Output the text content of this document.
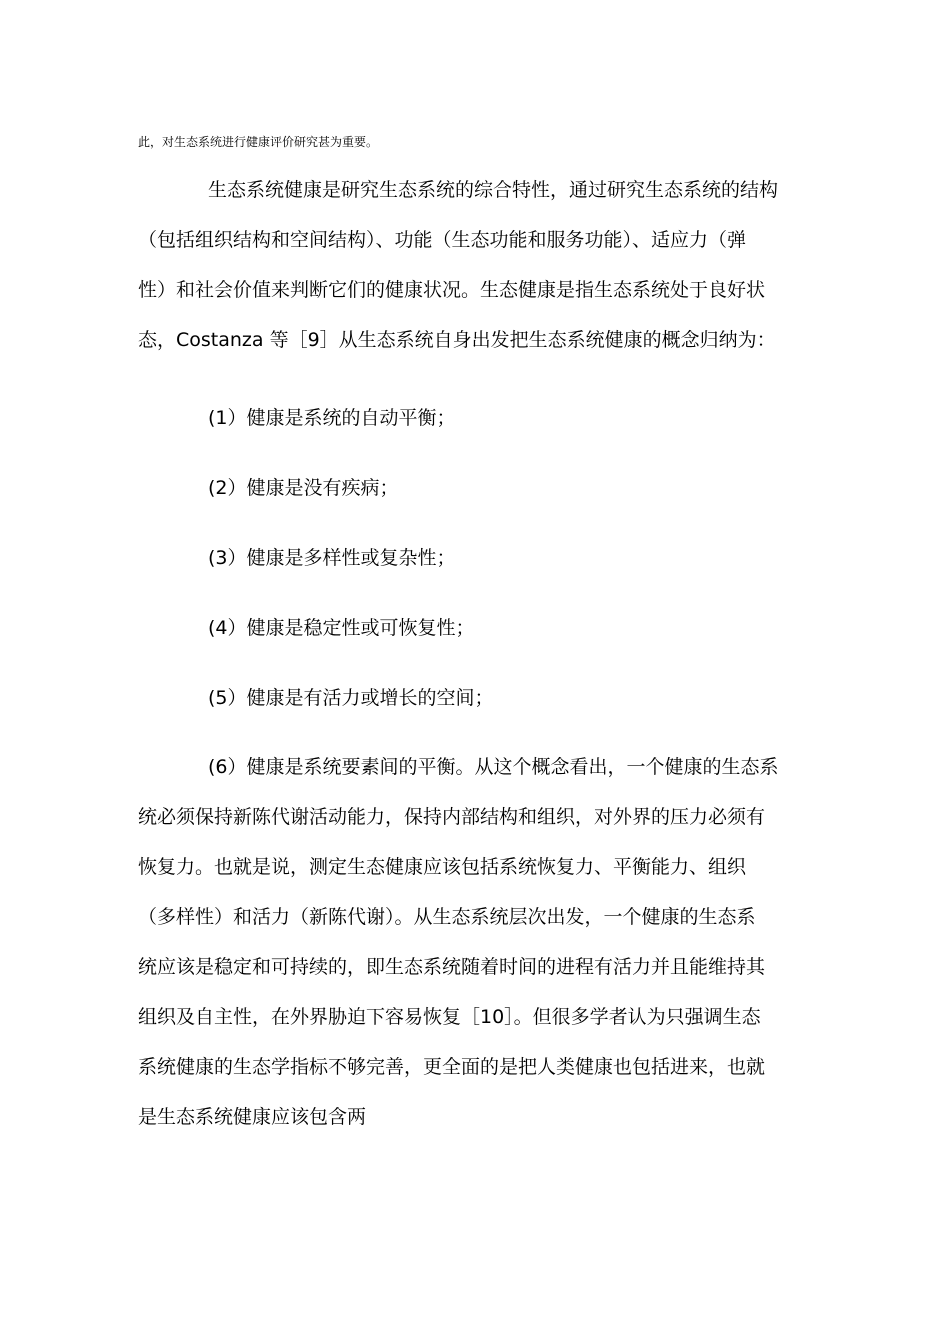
此，对生态系统进行健康评价研究甚为重要。
生态系统健康是研究生态系统的综合特性，通过研究生态系统的结构
（包括组织结构和空间结构）、功能（生态功能和服务功能）、适应力（弹
性）和社会价值来判断它们的健康状况。生态健康是指生态系统处于良好状
态，Costanza 等［9］从生态系统自身出发把生态系统健康的概念归纳为：
(1）健康是系统的自动平衡；
(2）健康是没有疾病；
(3）健康是多样性或复杂性；
(4）健康是稳定性或可恢复性；
(5）健康是有活力或增长的空间；
(6）健康是系统要素间的平衡。从这个概念看出，一个健康的生态系
统必须保持新陈代谢活动能力，保持内部结构和组织，对外界的压力必须有
恢复力。也就是说，测定生态健康应该包括系统恢复力、平衡能力、组织
（多样性）和活力（新陈代谢）。从生态系统层次出发，一个健康的生态系
统应该是稳定和可持续的，即生态系统随着时间的进程有活力并且能维持其
组织及自主性，在外界胁迫下容易恢复［10］。但很多学者认为只强调生态
系统健康的生态学指标不够完善，更全面的是把人类健康也包括进来，也就
是生态系统健康应该包含两
